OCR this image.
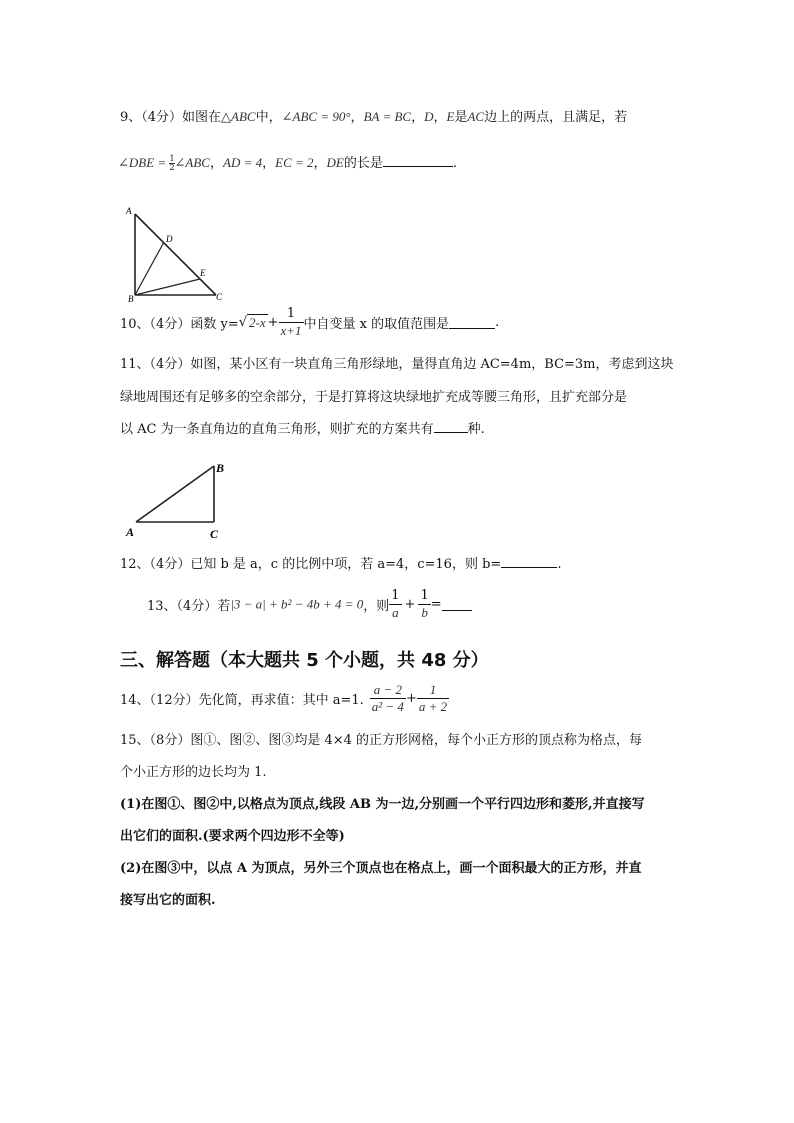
9、（4分）如图在△ABC中，∠ABC = 90°，BA = BC，D，E是AC边上的两点，且满足，若
∠DBE = $\frac{1}{2}\angle ABC$，AD = 4，EC = 2，DE的长是	.
A
D
E
B	C
10、（4分）函数 y=√ $2-x + \frac{1}{x+1}$ 中自变量 x 的取值范围是	.
11、（4分）如图，某小区有一块直角三角形绿地，量得直角边 AC=4m，BC=3m，考虑到这块
绿地周围还有足够多的空余部分，于是打算将这块绿地扩充成等腰三角形，且扩充部分是
以 AC 为一条直角边的直角三角形，则扩充的方案共有	种.
B
A	C
12、（4分）已知 b 是 a，c 的比例中项，若 a=4，c=16，则 b=	.
13、（4分）若|3 − a| + b² − 4b + 4 = 0，则 $\frac{1}{a} + \frac{1}{b}$ =
三、解答题（本大题共 5 个小题，共 48 分）
14、（12分）先化简，再求值：其中 a=1. $\frac{a - 2}{\text{a² − 4}} + \frac{1}{a + 2}$
15、（8分）图①、图②、图③均是 4×4 的正方形网格，每个小正方形的顶点称为格点，每
个小正方形的边长均为 1.
(1)在图①、图②中,以格点为顶点,线段 AB 为一边,分别画一个平行四边形和菱形,并直接写
出它们的面积.(要求两个四边形不全等)
(2)在图③中，以点 A 为顶点，另外三个顶点也在格点上，画一个面积最大的正方形，并直
接写出它的面积.
